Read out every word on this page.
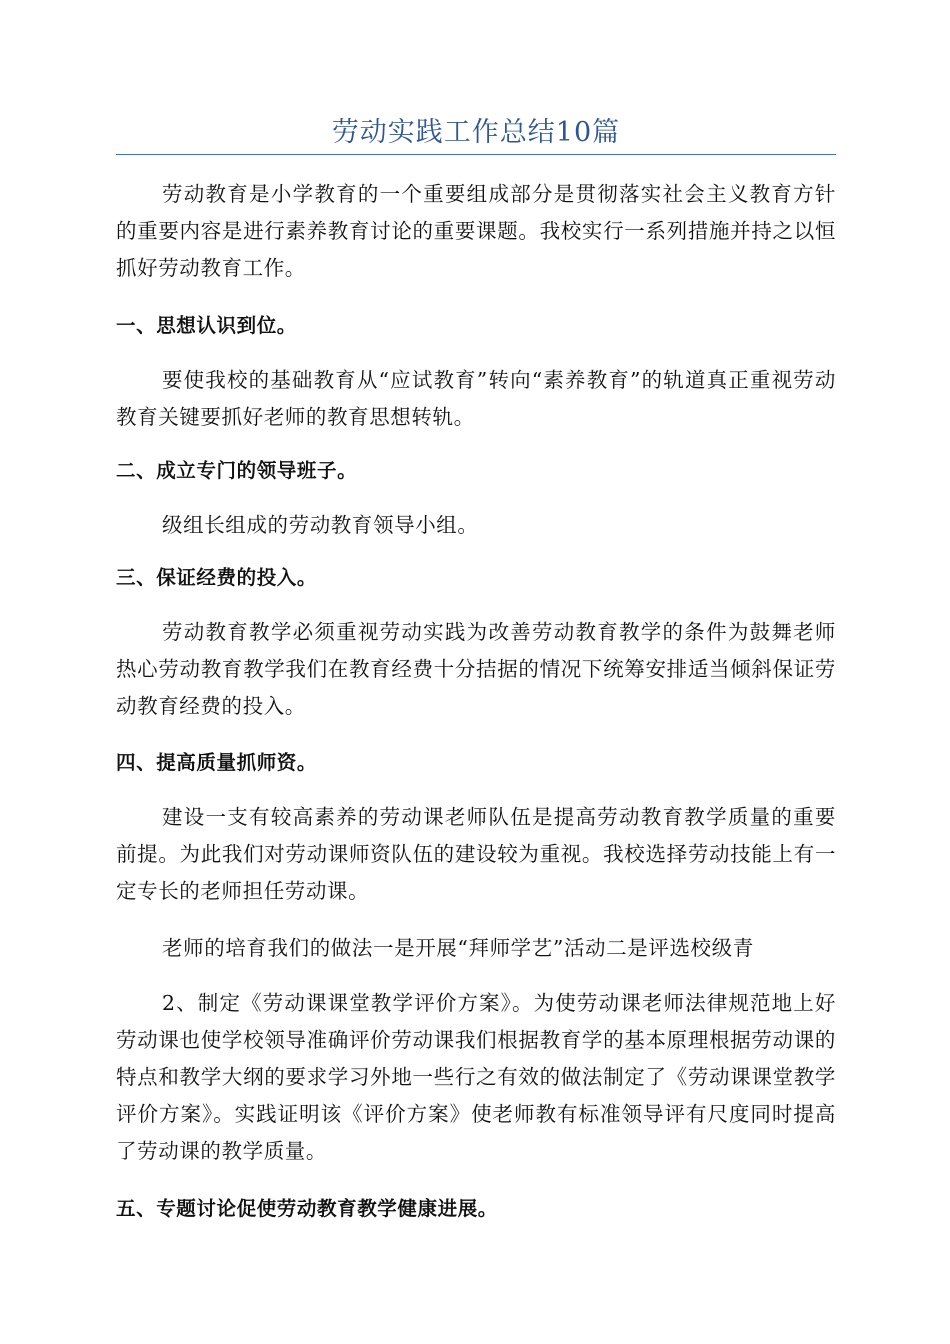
劳动实践工作总结10篇

劳动教育是小学教育的一个重要组成部分是贯彻落实社会主义教育方针的重要内容是进行素养教育讨论的重要课题。我校实行一系列措施并持之以恒抓好劳动教育工作。

一、思想认识到位。

要使我校的基础教育从“应试教育”转向“素养教育”的轨道真正重视劳动教育关键要抓好老师的教育思想转轨。

二、成立专门的领导班子。

级组长组成的劳动教育领导小组。

三、保证经费的投入。

劳动教育教学必须重视劳动实践为改善劳动教育教学的条件为鼓舞老师热心劳动教育教学我们在教育经费十分拮据的情况下统筹安排适当倾斜保证劳动教育经费的投入。

四、提高质量抓师资。

建设一支有较高素养的劳动课老师队伍是提高劳动教育教学质量的重要前提。为此我们对劳动课师资队伍的建设较为重视。我校选择劳动技能上有一定专长的老师担任劳动课。

老师的培育我们的做法一是开展“拜师学艺”活动二是评选校级青

2、制定《劳动课课堂教学评价方案》。为使劳动课老师法律规范地上好劳动课也使学校领导准确评价劳动课我们根据教育学的基本原理根据劳动课的特点和教学大纲的要求学习外地一些行之有效的做法制定了《劳动课课堂教学评价方案》。实践证明该《评价方案》使老师教有标准领导评有尺度同时提高了劳动课的教学质量。

五、专题讨论促使劳动教育教学健康进展。
